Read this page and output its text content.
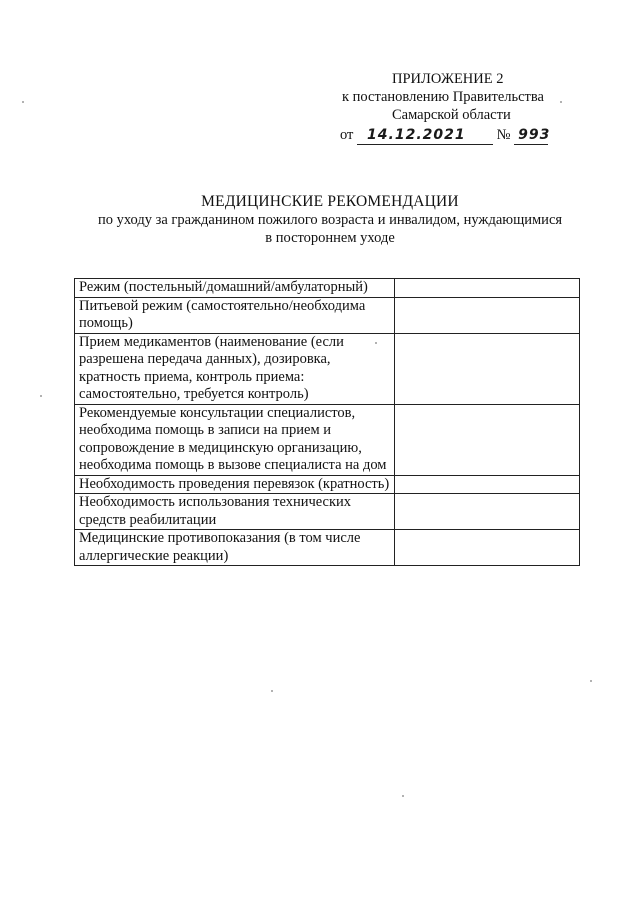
ПРИЛОЖЕНИЕ 2
к постановлению Правительства
Самарской области
от 14.12.2021 № 993
МЕДИЦИНСКИЕ РЕКОМЕНДАЦИИ
по уходу за гражданином пожилого возраста и инвалидом, нуждающимися
в постороннем уходе
Режим (постельный/домашний/амбулаторный)	
Питьевой режим (самостоятельно/необходима помощь)	
Прием медикаментов (наименование (если разрешена передача данных), дозировка, кратность приема, контроль приема: самостоятельно, требуется контроль)	
Рекомендуемые консультации специалистов, необходима помощь в записи на прием и сопровождение в медицинскую организацию, необходима помощь в вызове специалиста на дом	
Необходимость проведения перевязок (кратность)	
Необходимость использования технических средств реабилитации	
Медицинские противопоказания (в том числе аллергические реакции)	
